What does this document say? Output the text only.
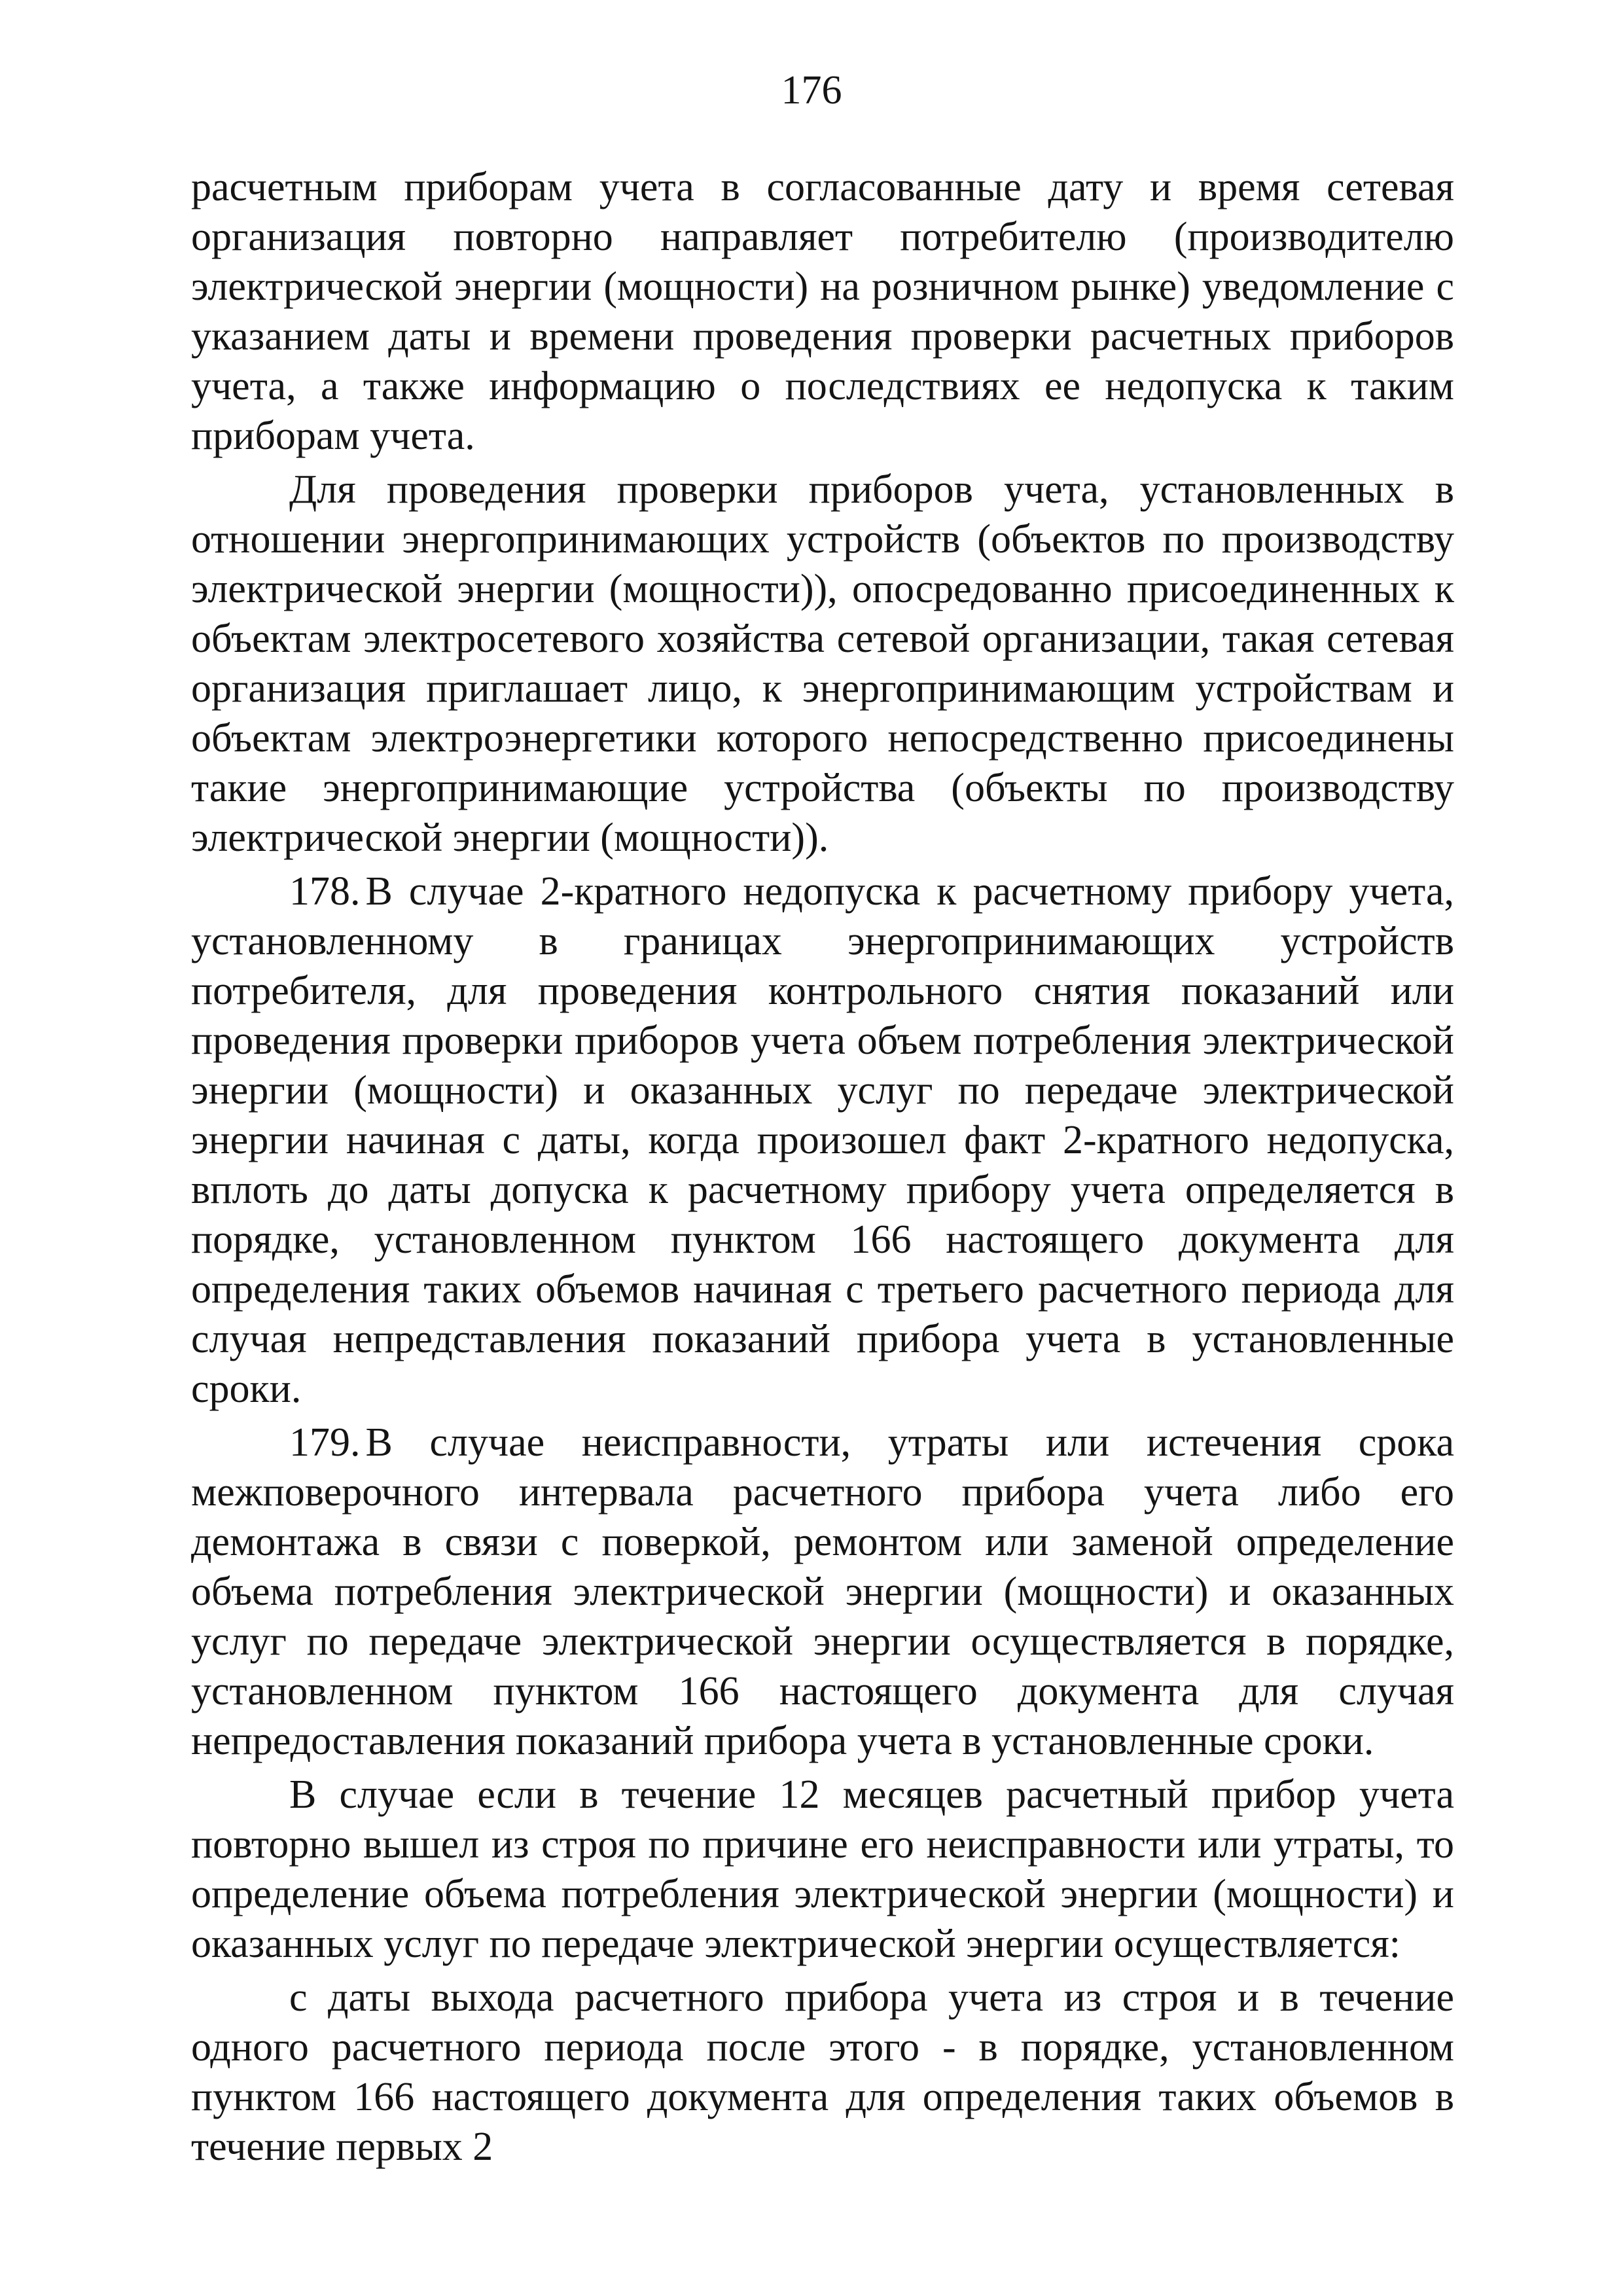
176

расчетным приборам учета в согласованные дату и время сетевая организация повторно направляет потребителю (производителю электрической энергии (мощности) на розничном рынке) уведомление с указанием даты и времени проведения проверки расчетных приборов учета, а также информацию о последствиях ее недопуска к таким приборам учета.

Для проведения проверки приборов учета, установленных в отношении энергопринимающих устройств (объектов по производству электрической энергии (мощности)), опосредованно присоединенных к объектам электросетевого хозяйства сетевой организации, такая сетевая организация приглашает лицо, к энергопринимающим устройствам и объектам электроэнергетики которого непосредственно присоединены такие энергопринимающие устройства (объекты по производству электрической энергии (мощности)).

178. В случае 2-кратного недопуска к расчетному прибору учета, установленному в границах энергопринимающих устройств потребителя, для проведения контрольного снятия показаний или проведения проверки приборов учета объем потребления электрической энергии (мощности) и оказанных услуг по передаче электрической энергии начиная с даты, когда произошел факт 2-кратного недопуска, вплоть до даты допуска к расчетному прибору учета определяется в порядке, установленном пунктом 166 настоящего документа для определения таких объемов начиная с третьего расчетного периода для случая непредставления показаний прибора учета в установленные сроки.

179. В случае неисправности, утраты или истечения срока межповерочного интервала расчетного прибора учета либо его демонтажа в связи с поверкой, ремонтом или заменой определение объема потребления электрической энергии (мощности) и оказанных услуг по передаче электрической энергии осуществляется в порядке, установленном пунктом 166 настоящего документа для случая непредоставления показаний прибора учета в установленные сроки.

В случае если в течение 12 месяцев расчетный прибор учета повторно вышел из строя по причине его неисправности или утраты, то определение объема потребления электрической энергии (мощности) и оказанных услуг по передаче электрической энергии осуществляется:

с даты выхода расчетного прибора учета из строя и в течение одного расчетного периода после этого - в порядке, установленном пунктом 166 настоящего документа для определения таких объемов в течение первых 2
